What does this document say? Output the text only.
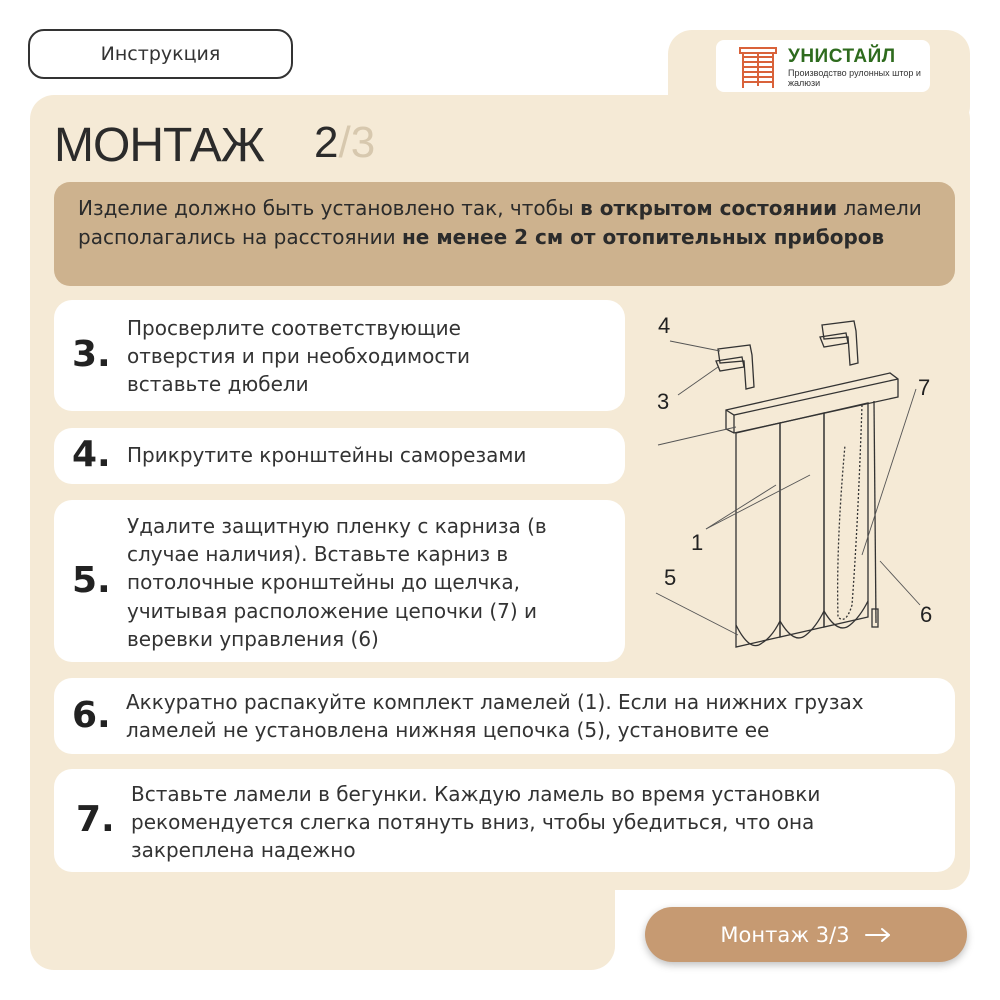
Инструкция	УНИСТАЙЛ
Производство рулонных штор и жалюзи
МОНТАЖ 2/3
Изделие должно быть установлено так, чтобы в открытом состоянии ламели располагались на расстоянии не менее 2 см от отопительных приборов
3.
Просверлите соответствующие отверстия и при необходимости вставьте дюбели
4. Прикрутите кронштейны саморезами
5.
Удалите защитную пленку с карниза (в случае наличия). Вставьте карниз в потолочные кронштейны до щелчка, учитывая расположение цепочки (7) и веревки управления (6)
6. Аккуратно распакуйте комплект ламелей (1). Если на нижних грузах ламелей не установлена нижняя цепочка (5), установите ее
7.
Вставьте ламели в бегунки. Каждую ламель во время установки рекомендуется слегка потянуть вниз, чтобы убедиться, что она закреплена надежно
4
3
7
1
5
6
Монтаж 3/3
